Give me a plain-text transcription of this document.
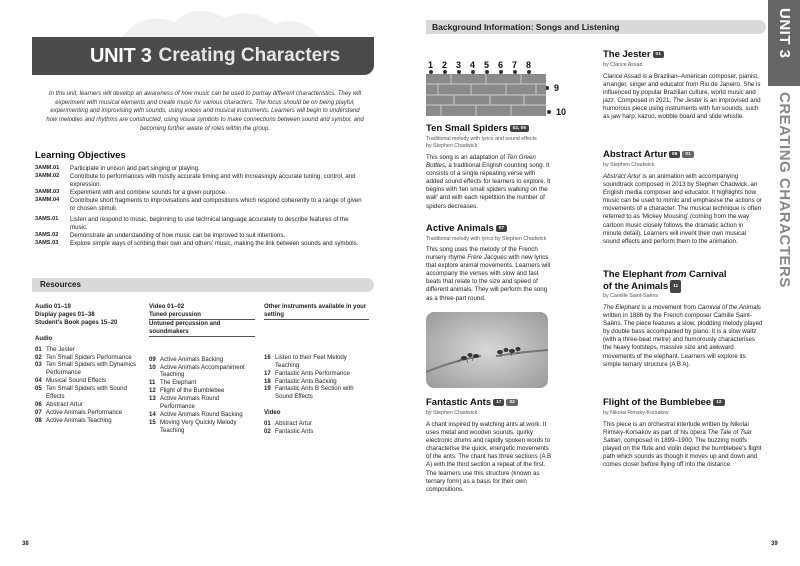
UNIT 3 Creating Characters
In this unit, learners will develop an awareness of how music can be used to portray different characteristics. They will experiment with musical elements and create music for various characters. The focus should be on being playful, experimenting and improvising with sounds, using voices and musical instruments. Learners will begin to understand how melodies and rhythms are constructed, using visual symbols to make connections between sound and symbol, and becoming further aware of roles within the group.
Learning Objectives
3AMM.01	Participate in unison and part singing or playing.
3AMM.02	Contribute to performances with mostly accurate timing and with increasingly accurate tuning, control, and expression.
3AMM.03	Experiment with and combine sounds for a given purpose.
3AMM.04	Contribute short fragments to improvisations and compositions which respond coherently to a range of given or chosen stimuli.
3AMS.01	Listen and respond to music, beginning to use technical language accurately to describe features of the music.
3AMS.02	Demonstrate an understanding of how music can be improved to suit intentions.
3AMS.03	Explore simple ways of scribing their own and others' music, making the link between sounds and symbols.
Resources
Audio 01–19
Display pages 01–38
Student's Book pages 15–20
Audio
01 The Jester
02 Ten Small Spiders Performance
03 Ten Small Spiders with Dynamics Performance
04 Musical Sound Effects
05 Ten Small Spiders with Sound Effects
06 Abstract Artur
07 Active Animals Performance
08 Active Animals Teaching
Video 01–02
Tuned percussion
Untuned percussion and soundmakers
09 Active Animals Backing
10 Active Animals Accompaniment Teaching
11 The Elephant
12 Flight of the Bumblebee
13 Active Animals Round Performance
14 Active Animals Round Backing
15 Moving Very Quickly Melody Teaching
Other instruments available in your setting
16 Listen to their Feet Melody Teaching
17 Fantastic Ants Performance
18 Fantastic Ants Backing
19 Fantastic Ants B Section with Sound Effects
Video
01 Abstract Artur
02 Fantastic Ants
38
Background Information: Songs and Listening	UNIT 3
CREATING CHARACTERS
1 2 3 4 5 6 7 8
9
10
Ten Small Spiders 02, 05
Traditional melody with lyrics and sound effects
by Stephen Chadwick
This song is an adaptation of Ten Green Bottles, a traditional English counting song. It consists of a single repeating verse with added sound effects for learners to explore. It begins with 'ten small spiders walking on the wall' and with each repetition the number of spiders decreases.
Active Animals 07
Traditional melody with lyrics by Stephen Chadwick
This song uses the melody of the French nursery rhyme Frère Jacques with new lyrics that explore animal movements. Learners will accompany the verses with slow and fast beats that relate to the size and speed of different animals. They will perform the song as a three-part round.
Fantastic Ants 17 02
by Stephen Chadwick
A chant inspired by watching ants at work. It uses metal and wooden sounds, quirky electronic drums and rapidly spoken words to characterise the quick, energetic movements of the ants. The chant has three sections (A B A) with the third section a repeat of the first. The learners use this structure (known as ternary form) as a basis for their own compositions.
The Jester 01
by Clarice Assad
Clarice Assad is a Brazilian–American composer, pianist, arranger, singer and educator from Rio de Janeiro. She is influenced by popular Brazilian culture, world music and jazz. Composed in 2021, The Jester is an improvised and humorous piece using instruments with fun sounds, such as jaw harp, kazoo, wobble board and slide whistle.
Abstract Artur 06 01
by Stephen Chadwick
Abstract Artur is an animation with accompanying soundtrack composed in 2013 by Stephen Chadwick, an English media composer and educator. It highlights how music can be used to mimic and emphasise the actions or movements of a character. The musical technique is often referred to as 'Mickey Mousing' (coming from the way cartoon music closely follows the dramatic action in minute detail). Learners will invent their own musical sound effects and perform them to the animation.
The Elephant from Carnival
of the Animals 11
by Camille Saint-Saëns
The Elephant is a movement from Carnival of the Animals written in 1886 by the French composer Camille Saint-Saëns. The piece features a slow, plodding melody played by double bass accompanied by piano. It is a slow waltz (with a three-beat metre) and humorously characterises the heavy footsteps, massive size and awkward movements of the elephant. Learners will explore its simple ternary structure (A B A).
Flight of the Bumblebee 12
by Nikolai Rimsky-Korsakov
This piece is an orchestral interlude written by Nikolai Rimsky-Korsakov as part of his opera The Tale of Tsar Saltan, composed in 1899–1900. The buzzing motifs played on the flute and violin depict the bumblebee's flight path which sounds as though it moves up and down and comes closer before flying off into the distance.
39
